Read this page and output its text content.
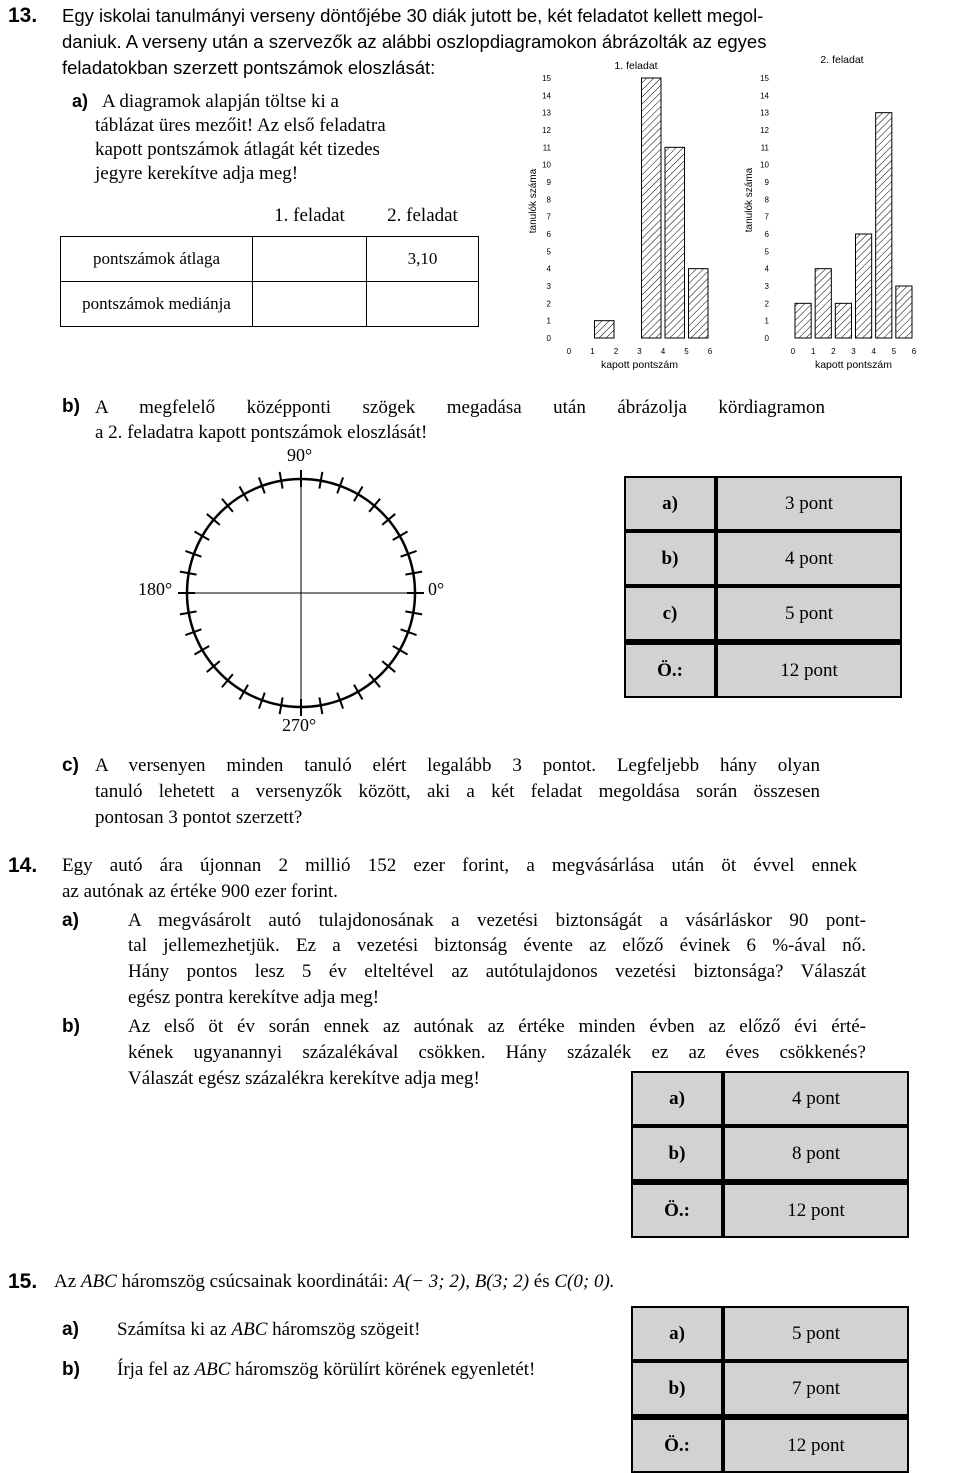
13. Egy iskolai tanulmányi verseny döntőjébe 30 diák jutott be, két feladatot kellett megol-
daniuk. A verseny után a szervezők az alábbi oszlopdiagramokon ábrázolták az egyes
feladatokban szerzett pontszámok eloszlását:
a) A diagramok alapján töltse ki a
táblázat üres mezőit! Az első feladatra
kapott pontszámok átlagát két tizedes
jegyre kerekítve adja meg!
	1. feladat	2. feladat
pontszámok átlaga		3,10
pontszámok mediánja		
1. feladat
0
1
2
3
4
5
6
7
8
9
10
11
12
13
14
15
tanulók száma
0 1 2 3 4 5 6
kapott pontszám
2. feladat
0
1
2
3
4
5
6
7
8
9
10
11
12
13
14
15
tanulók száma
0 1 2 3 4 5 6
kapott pontszám
b) A megfelelő középponti szögek megadása után ábrázolja kördiagramon
a 2. feladatra kapott pontszámok eloszlását!
90°
180°	0°
270°
a)	3 pont
b)	4 pont
c)	5 pont
Ö.:	12 pont
c) A versenyen minden tanuló elért legalább 3 pontot. Legfeljebb hány olyan
tanuló lehetett a versenyzők között, aki a két feladat megoldása során összesen
pontosan 3 pontot szerzett?
14. Egy autó ára újonnan 2 millió 152 ezer forint, a megvásárlása után öt évvel ennek
az autónak az értéke 900 ezer forint.
a)	A megvásárolt autó tulajdonosának a vezetési biztonságát a vásárláskor 90 pont-
tal jellemezhetjük. Ez a vezetési biztonság évente az előző évinek 6 %-ával nő.
Hány pontos lesz 5 év elteltével az autótulajdonos vezetési biztonsága? Válaszát
egész pontra kerekítve adja meg!
b)	Az első öt év során ennek az autónak az értéke minden évben az előző évi érté-
kének ugyanannyi százalékával csökken. Hány százalék ez az éves csökkenés?
Válaszát egész százalékra kerekítve adja meg!
a)	4 pont
b)	8 pont
Ö.:	12 pont
15. Az ABC háromszög csúcsainak koordinátái: A(− 3; 2), B(3; 2) és C(0; 0).
a) Számítsa ki az ABC háromszög szögeit!
b) Írja fel az ABC háromszög körülírt körének egyenletét!
a)	5 pont
b)	7 pont
Ö.:	12 pont
